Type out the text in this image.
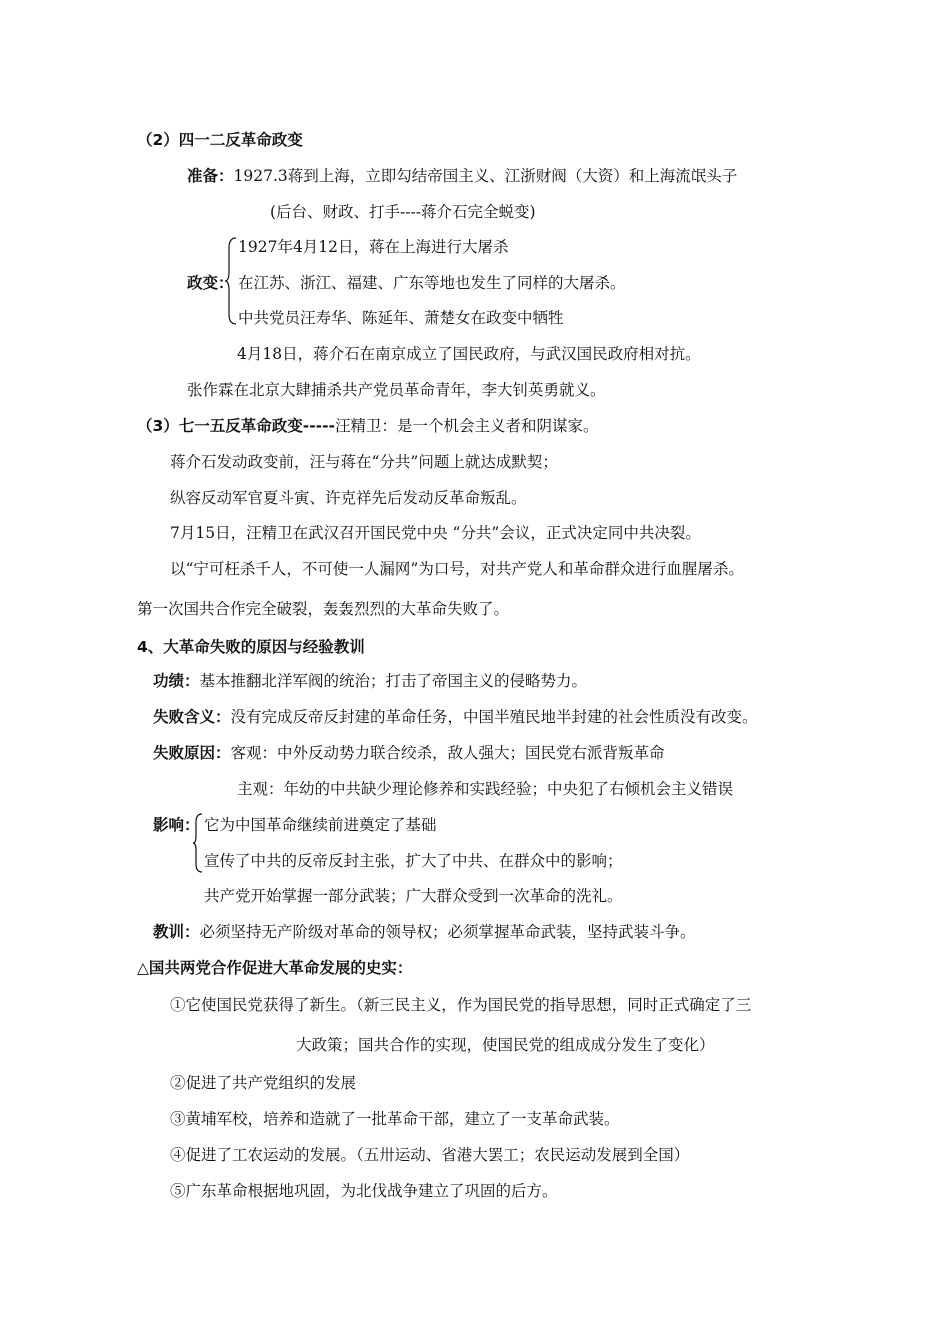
（2）四一二反革命政变
准备：1927.3蒋到上海，立即勾结帝国主义、江浙财阀（大资）和上海流氓头子
(后台、财政、打手----蒋介石完全蜕变)
政变：
1927年4月12日，蒋在上海进行大屠杀
在江苏、浙江、福建、广东等地也发生了同样的大屠杀。
中共党员汪寿华、陈延年、萧楚女在政变中牺牲
4月18日，蒋介石在南京成立了国民政府，与武汉国民政府相对抗。
张作霖在北京大肆捕杀共产党员革命青年，李大钊英勇就义。
（3）七一五反革命政变-----汪精卫：是一个机会主义者和阴谋家。
蒋介石发动政变前，汪与蒋在“分共”问题上就达成默契；
纵容反动军官夏斗寅、许克祥先后发动反革命叛乱。
7月15日，汪精卫在武汉召开国民党中央 “分共”会议，正式决定同中共决裂。
以“宁可枉杀千人，不可使一人漏网”为口号，对共产党人和革命群众进行血腥屠杀。
第一次国共合作完全破裂，轰轰烈烈的大革命失败了。
4、大革命失败的原因与经验教训
功绩：基本推翻北洋军阀的统治；打击了帝国主义的侵略势力。
失败含义：没有完成反帝反封建的革命任务，中国半殖民地半封建的社会性质没有改变。
失败原因：客观：中外反动势力联合绞杀，敌人强大；国民党右派背叛革命
主观：年幼的中共缺少理论修养和实践经验；中央犯了右倾机会主义错误
影响： 它为中国革命继续前进奠定了基础
宣传了中共的反帝反封主张，扩大了中共、在群众中的影响；
共产党开始掌握一部分武装；广大群众受到一次革命的洗礼。
教训：必须坚持无产阶级对革命的领导权；必须掌握革命武装，坚持武装斗争。
△国共两党合作促进大革命发展的史实：
①它使国民党获得了新生。（新三民主义，作为国民党的指导思想，同时正式确定了三
大政策；国共合作的实现，使国民党的组成成分发生了变化）
②促进了共产党组织的发展
③黄埔军校，培养和造就了一批革命干部，建立了一支革命武装。
④促进了工农运动的发展。（五卅运动、省港大罢工；农民运动发展到全国）
⑤广东革命根据地巩固，为北伐战争建立了巩固的后方。
